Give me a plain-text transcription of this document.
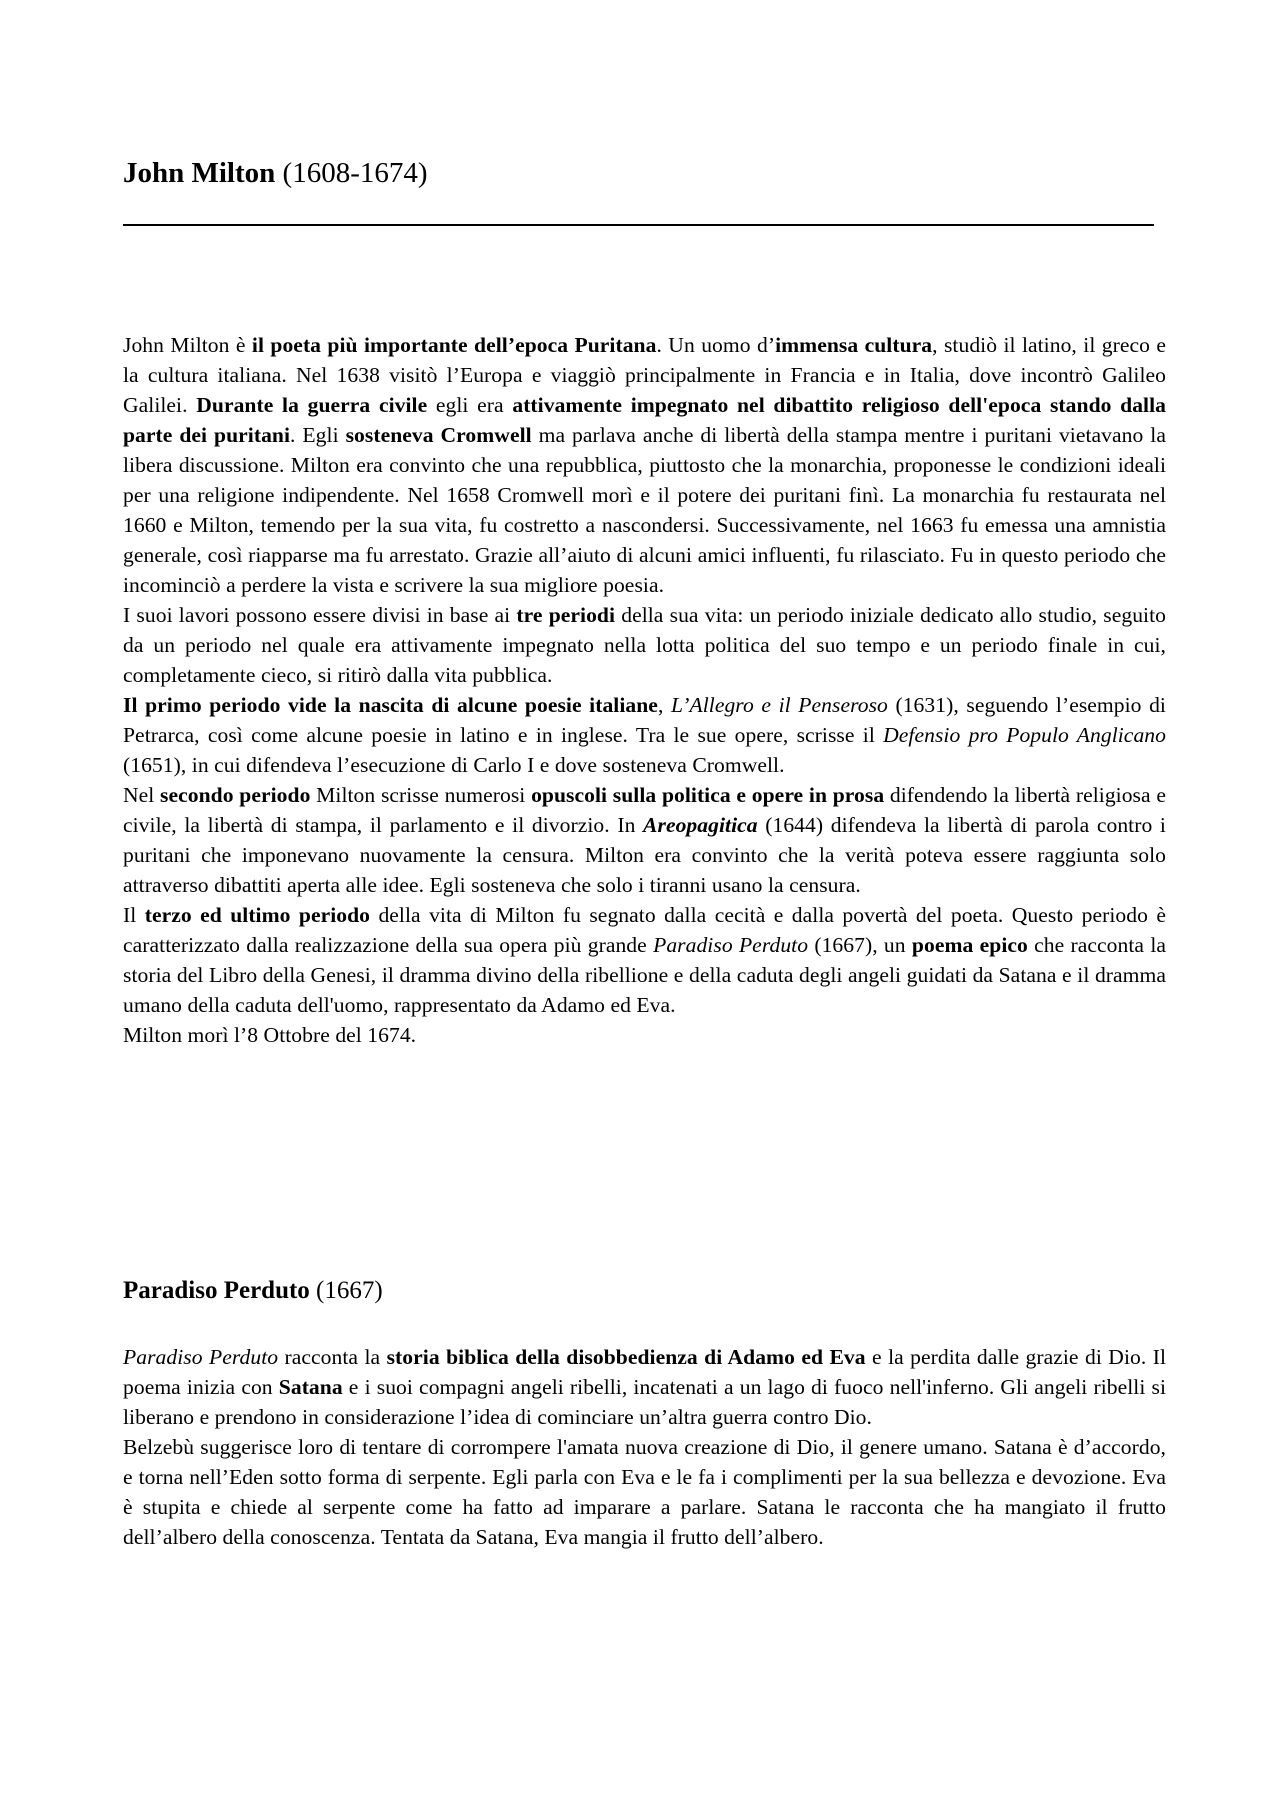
John Milton (1608-1674)

John Milton è il poeta più importante dell’epoca Puritana. Un uomo d’immensa cultura, studiò il latino, il greco e la cultura italiana. Nel 1638 visitò l’Europa e viaggiò principalmente in Francia e in Italia, dove incontrò Galileo Galilei. Durante la guerra civile egli era attivamente impegnato nel dibattito religioso dell'epoca stando dalla parte dei puritani. Egli sosteneva Cromwell ma parlava anche di libertà della stampa mentre i puritani vietavano la libera discussione. Milton era convinto che una repubblica, piuttosto che la monarchia, proponesse le condizioni ideali per una religione indipendente. Nel 1658 Cromwell morì e il potere dei puritani finì. La monarchia fu restaurata nel 1660 e Milton, temendo per la sua vita, fu costretto a nascondersi. Successivamente, nel 1663 fu emessa una amnistia generale, così riapparse ma fu arrestato. Grazie all’aiuto di alcuni amici influenti, fu rilasciato. Fu in questo periodo che incominciò a perdere la vista e scrivere la sua migliore poesia.

I suoi lavori possono essere divisi in base ai tre periodi della sua vita: un periodo iniziale dedicato allo studio, seguito da un periodo nel quale era attivamente impegnato nella lotta politica del suo tempo e un periodo finale in cui, completamente cieco, si ritirò dalla vita pubblica.

Il primo periodo vide la nascita di alcune poesie italiane, L’Allegro e il Penseroso (1631), seguendo l’esempio di Petrarca, così come alcune poesie in latino e in inglese. Tra le sue opere, scrisse il Defensio pro Populo Anglicano (1651), in cui difendeva l’esecuzione di Carlo I e dove sosteneva Cromwell.

Nel secondo periodo Milton scrisse numerosi opuscoli sulla politica e opere in prosa difendendo la libertà religiosa e civile, la libertà di stampa, il parlamento e il divorzio. In Areopagitica (1644) difendeva la libertà di parola contro i puritani che imponevano nuovamente la censura. Milton era convinto che la verità poteva essere raggiunta solo attraverso dibattiti aperta alle idee. Egli sosteneva che solo i tiranni usano la censura.

Il terzo ed ultimo periodo della vita di Milton fu segnato dalla cecità e dalla povertà del poeta. Questo periodo è caratterizzato dalla realizzazione della sua opera più grande Paradiso Perduto (1667), un poema epico che racconta la storia del Libro della Genesi, il dramma divino della ribellione e della caduta degli angeli guidati da Satana e il dramma umano della caduta dell'uomo, rappresentato da Adamo ed Eva.

Milton morì l’8 Ottobre del 1674.

Paradiso Perduto (1667)

Paradiso Perduto racconta la storia biblica della disobbedienza di Adamo ed Eva e la perdita dalle grazie di Dio. Il poema inizia con Satana e i suoi compagni angeli ribelli, incatenati a un lago di fuoco nell'inferno. Gli angeli ribelli si liberano e prendono in considerazione l’idea di cominciare un’altra guerra contro Dio.

Belzebù suggerisce loro di tentare di corrompere l'amata nuova creazione di Dio, il genere umano. Satana è d’accordo, e torna nell’Eden sotto forma di serpente. Egli parla con Eva e le fa i complimenti per la sua bellezza e devozione. Eva è stupita e chiede al serpente come ha fatto ad imparare a parlare. Satana le racconta che ha mangiato il frutto dell’albero della conoscenza. Tentata da Satana, Eva mangia il frutto dell’albero.
